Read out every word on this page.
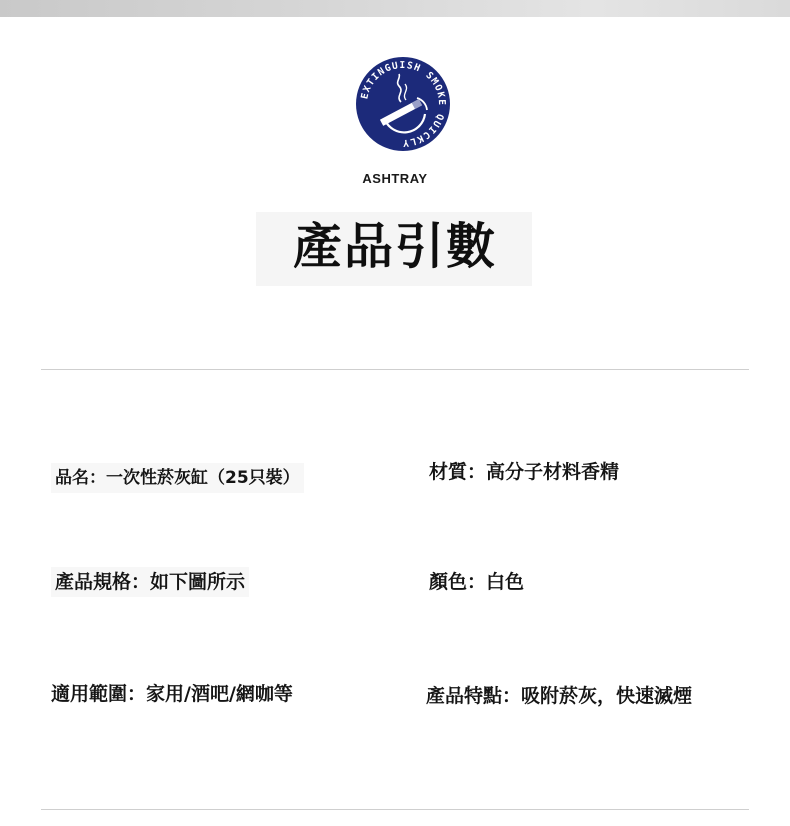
EXTINGUISH SMOKE QUICKLY
ASHTRAY
產品引數
品名：一次性菸灰缸（25只裝）	材質：高分子材料香精
產品規格：如下圖所示	顏色：白色
適用範圍：家用/酒吧/網咖等	產品特點：吸附菸灰，快速滅煙
